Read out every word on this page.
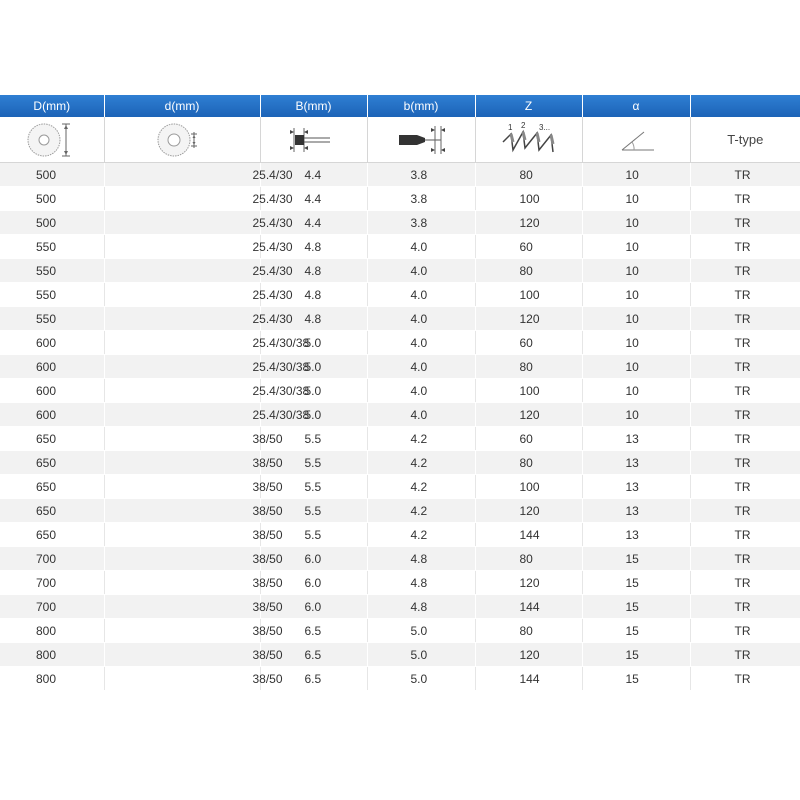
D(mm)	d(mm)	B(mm)	b(mm)	Z	α	

1 2 3...		T-type
500	25.4/30	4.4	3.8	80	10	TR
500	25.4/30	4.4	3.8	100	10	TR
500	25.4/30	4.4	3.8	120	10	TR
550	25.4/30	4.8	4.0	60	10	TR
550	25.4/30	4.8	4.0	80	10	TR
550	25.4/30	4.8	4.0	100	10	TR
550	25.4/30	4.8	4.0	120	10	TR
600	25.4/30/38	5.0	4.0	60	10	TR
600	25.4/30/38	5.0	4.0	80	10	TR
600	25.4/30/38	5.0	4.0	100	10	TR
600	25.4/30/38	5.0	4.0	120	10	TR
650	38/50	5.5	4.2	60	13	TR
650	38/50	5.5	4.2	80	13	TR
650	38/50	5.5	4.2	100	13	TR
650	38/50	5.5	4.2	120	13	TR
650	38/50	5.5	4.2	144	13	TR
700	38/50	6.0	4.8	80	15	TR
700	38/50	6.0	4.8	120	15	TR
700	38/50	6.0	4.8	144	15	TR
800	38/50	6.5	5.0	80	15	TR
800	38/50	6.5	5.0	120	15	TR
800	38/50	6.5	5.0	144	15	TR
